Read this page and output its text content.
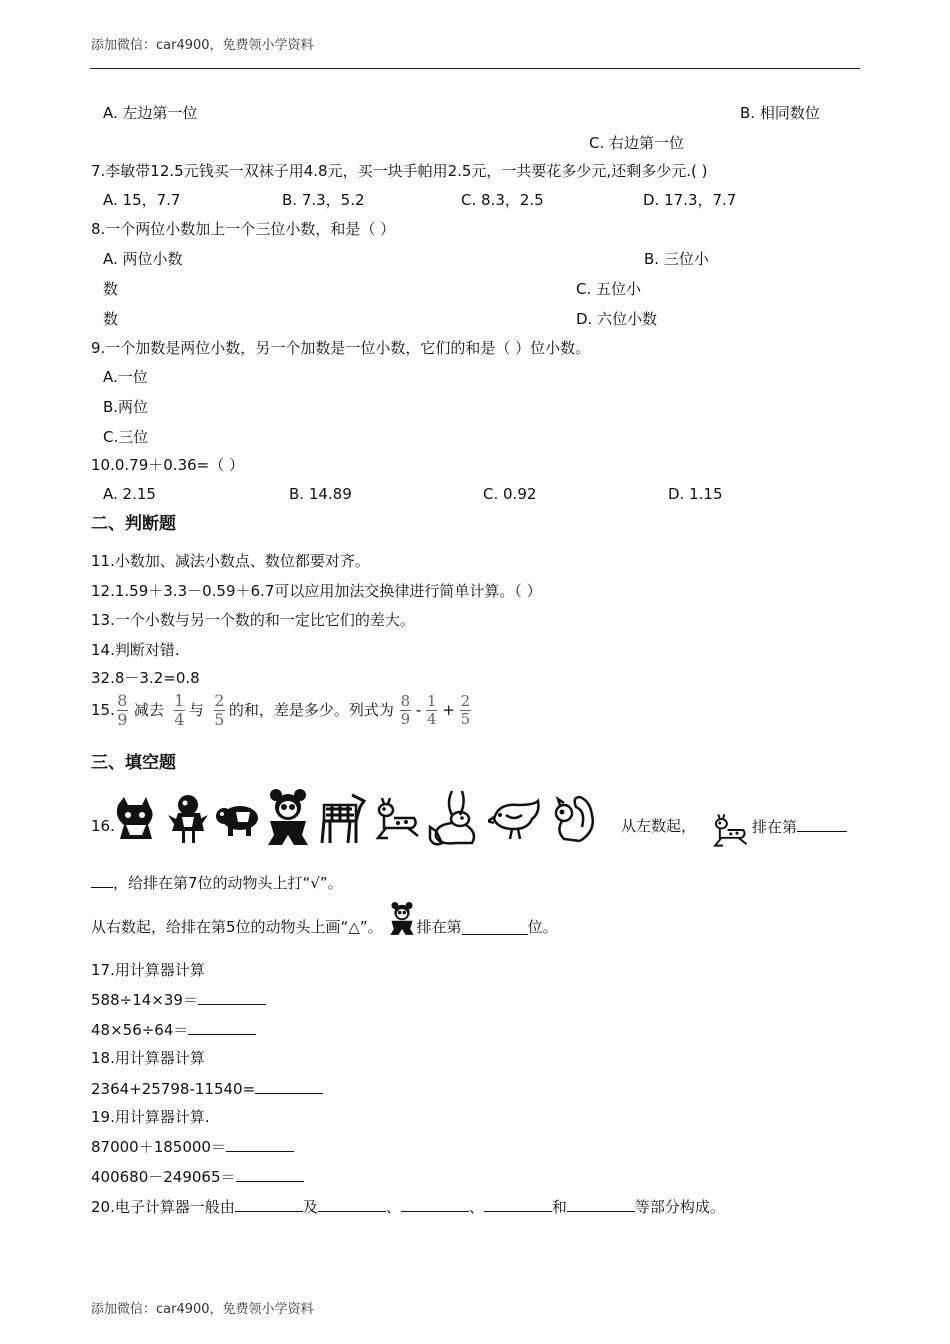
添加微信：car4900，免费领小学资料
A. 左边第一位	B. 相同数位
C. 右边第一位
7.李敏带12.5元钱买一双袜子用4.8元，买一块手帕用2.5元，一共要花多少元,还剩多少元.( )
A. 15，7.7	B. 7.3，5.2	C. 8.3，2.5	D. 17.3，7.7
8.一个两位小数加上一个三位小数，和是（ ）
A. 两位小数	B. 三位小
数	C. 五位小
数	D. 六位小数
9.一个加数是两位小数，另一个加数是一位小数，它们的和是（ ）位小数。
A.一位
B.两位
C.三位
10.0.79＋0.36=（ ）
A. 2.15	B. 14.89	C. 0.92	D. 1.15
二、判断题
11.小数加、减法小数点、数位都要对齐。
12.1.59＋3.3－0.59＋6.7可以应用加法交换律进行简单计算。（ ）
13.一个小数与另一个数的和一定比它们的差大。
14.判断对错.
32.8－3.2=0.8
15. $\frac{8}{9}$ 减去 $\frac{1}{4}$ 与 $\frac{2}{5}$ 的和，差是多少。列式为 $\frac{8}{9} - \frac{1}{4} + \frac{2}{5}$
三、填空题
16.	从左数起，	排在第
，给排在第7位的动物头上打“√”。
从右数起，给排在第5位的动物头上画“△”。 排在第	位。
17.用计算器计算
588÷14×39＝
48×56÷64＝
18.用计算器计算
2364+25798-11540=
19.用计算器计算.
87000＋185000＝
400680－249065＝
20.电子计算器一般由	及	、	、	和	等部分构成。
添加微信：car4900，免费领小学资料
